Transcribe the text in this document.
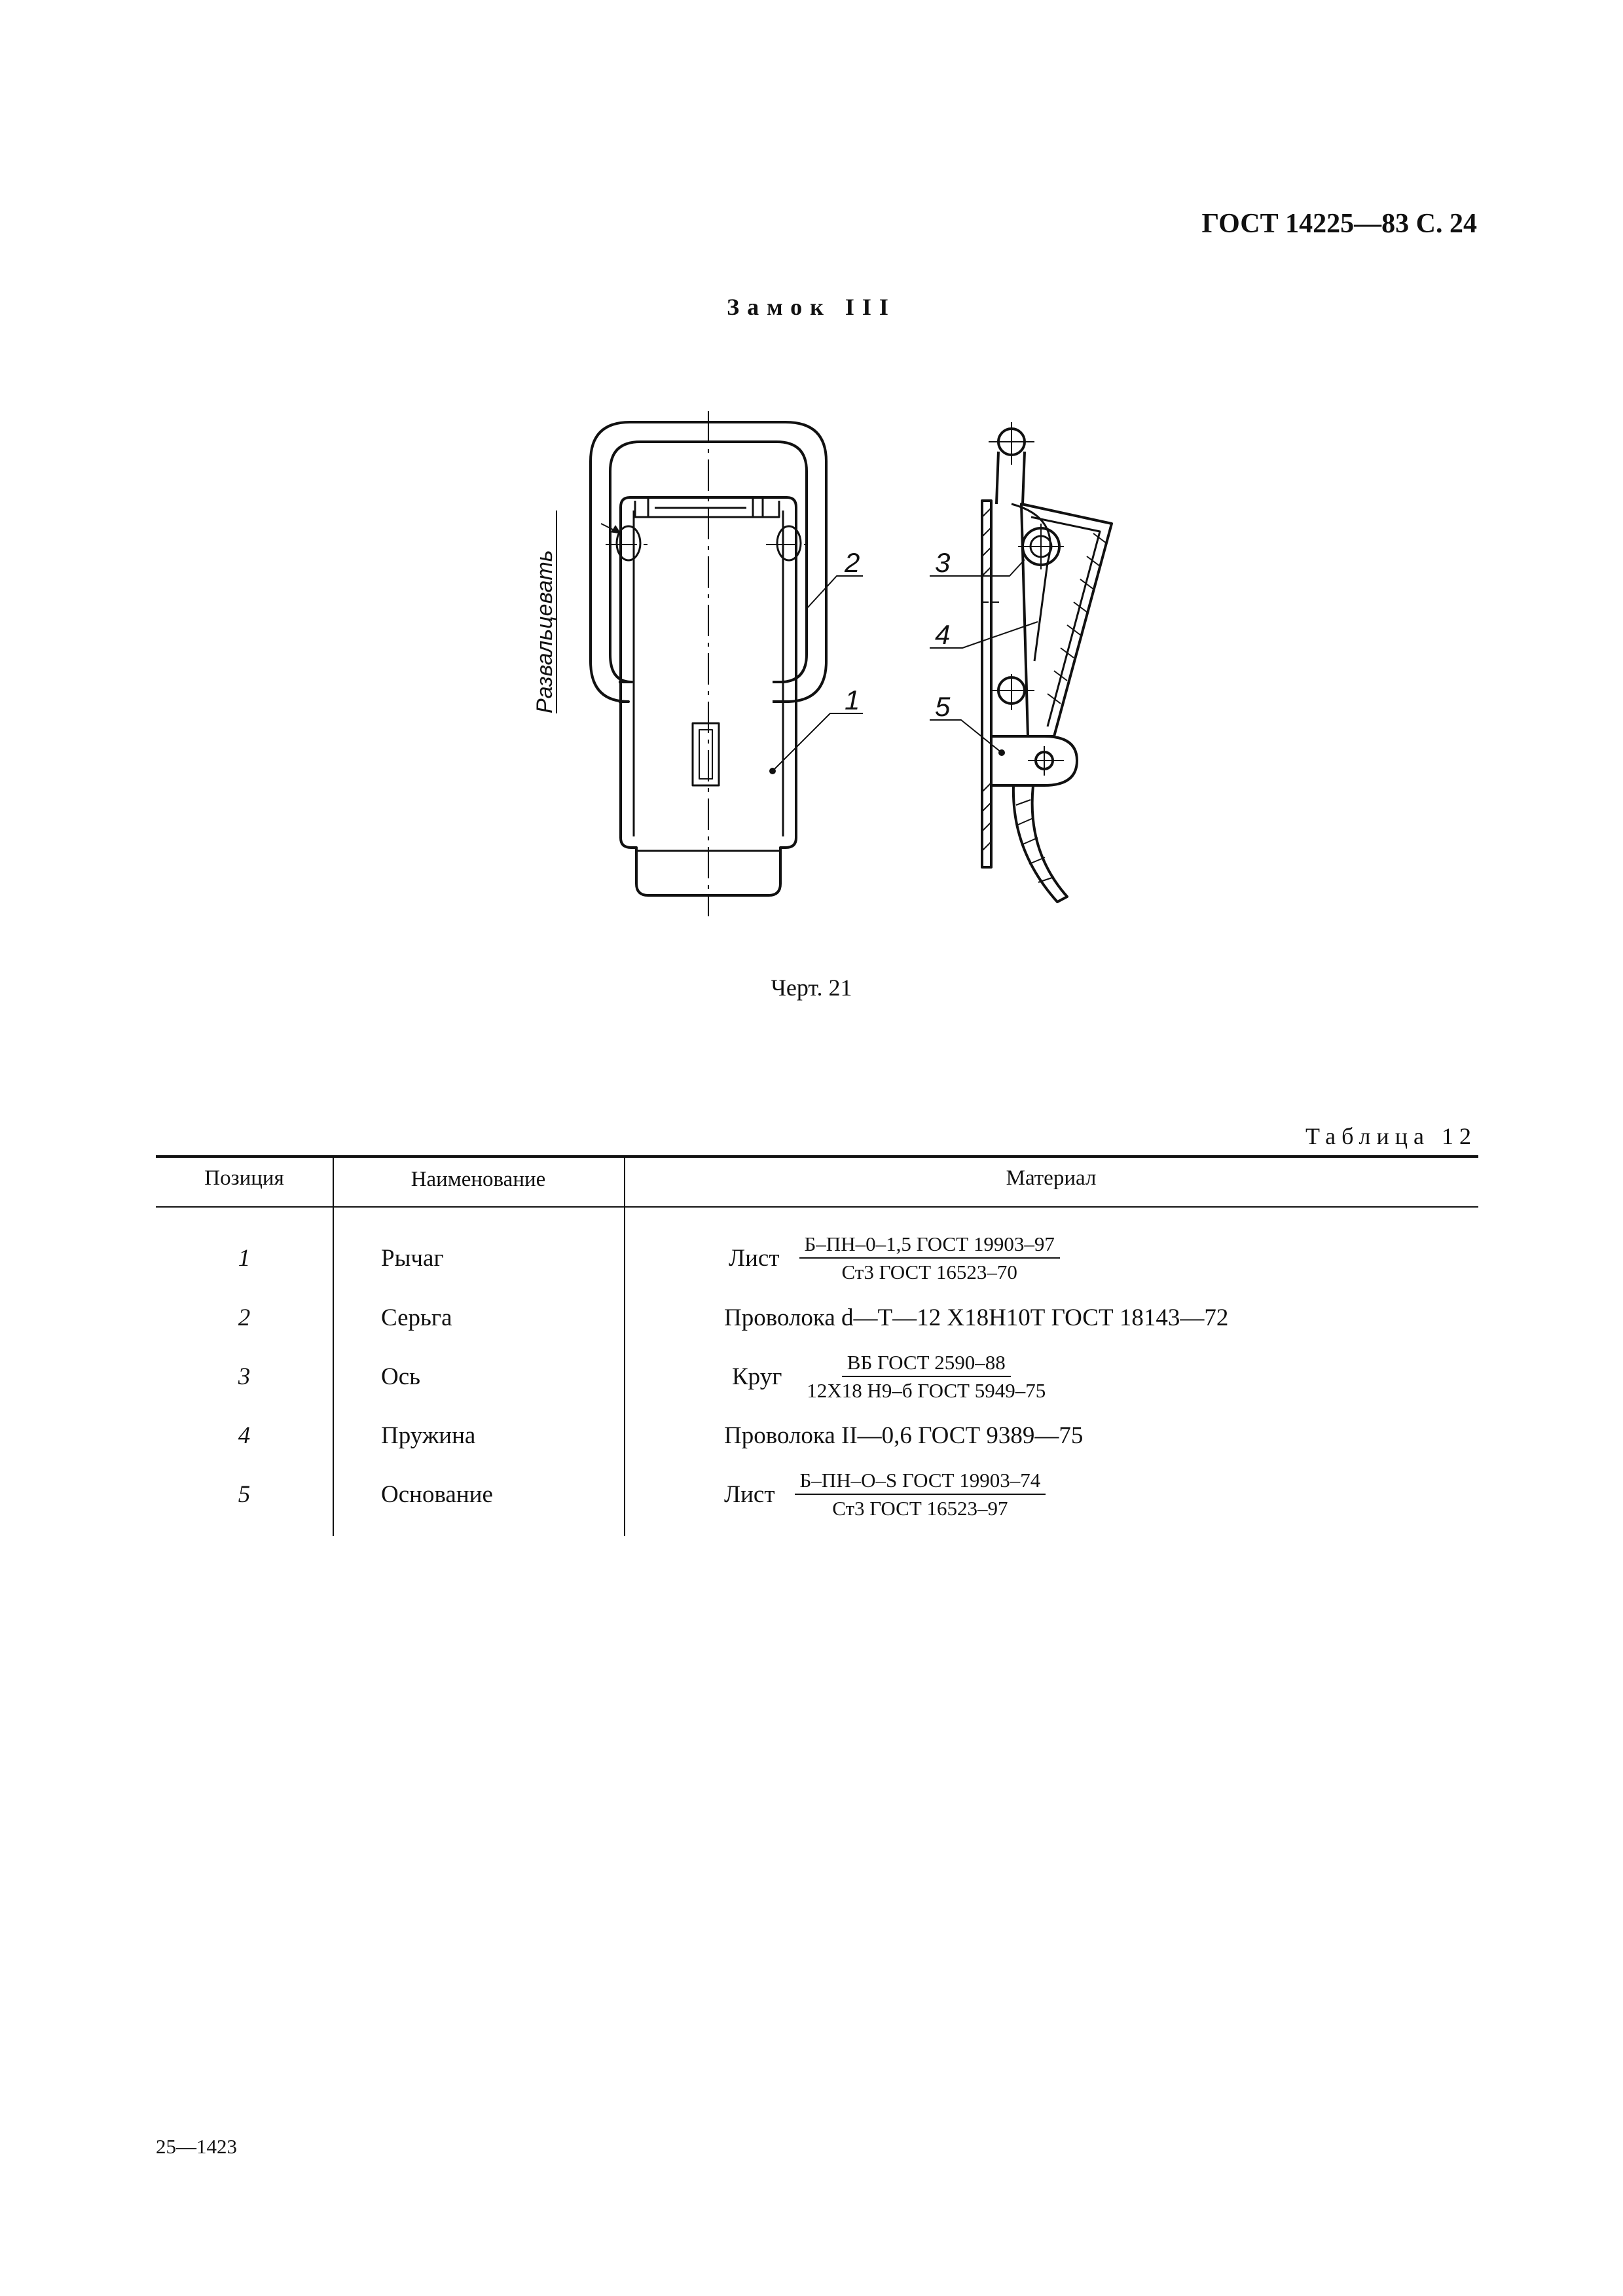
ГОСТ 14225—83 С. 24
Замок III
2
1
3
4
5
Развальцевать
Черт. 21
Таблица 12
Позиция	Наименование	Материал
1	Рычаг	Лист $\frac{\text{Б–ПН–0–1,5 ГОСТ 19903–97}}{\text{Ст3 ГОСТ 16523–70}}$
2	Серьга	Проволока d—Т—12 Х18Н10Т ГОСТ 18143—72
3	Ось	Круг $\frac{\text{ВБ ГОСТ 2590–88}}{\text{12Х18 Н9–б ГОСТ 5949–75}}$
4	Пружина	Проволока II—0,6 ГОСТ 9389—75
5	Основание	Лист $\frac{\text{Б–ПН–O–S ГОСТ 19903–74}}{\text{Ст3 ГОСТ 16523–97}}$
25—1423
